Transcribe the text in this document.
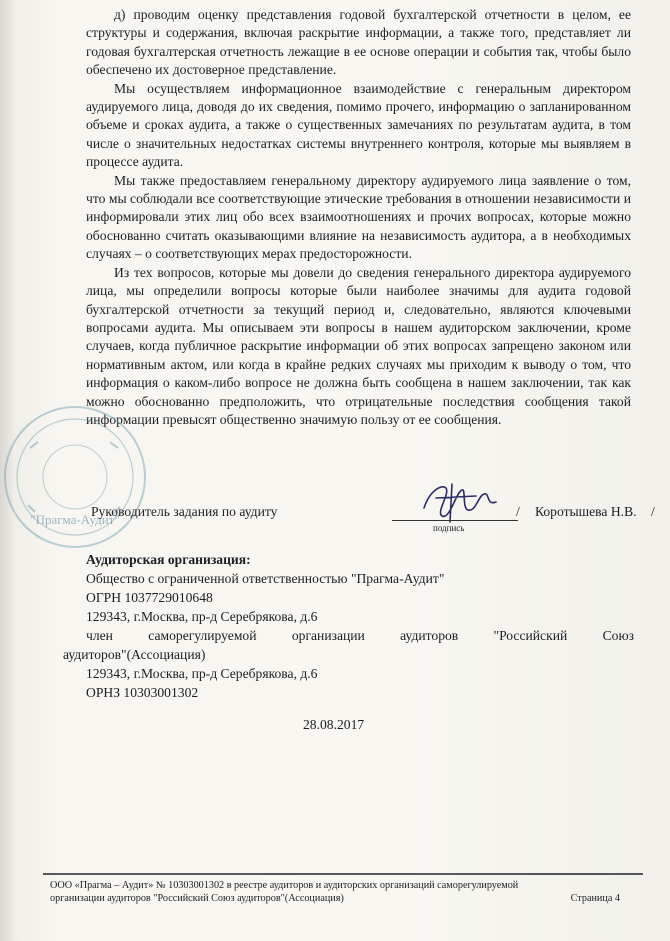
д) проводим оценку представления годовой бухгалтерской отчетности в целом, ее структуры и содержания, включая раскрытие информации, а также того, представляет ли годовая бухгалтерская отчетность лежащие в ее основе операции и события так, чтобы было обеспечено их достоверное представление.

Мы осуществляем информационное взаимодействие с генеральным директором аудируемого лица, доводя до их сведения, помимо прочего, информацию о запланированном объеме и сроках аудита, а также о существенных замечаниях по результатам аудита, в том числе о значительных недостатках системы внутреннего контроля, которые мы выявляем в процессе аудита.

Мы также предоставляем генеральному директору аудируемого лица заявление о том, что мы соблюдали все соответствующие этические требования в отношении независимости и информировали этих лиц обо всех взаимоотношениях и прочих вопросах, которые можно обоснованно считать оказывающими влияние на независимость аудитора, а в необходимых случаях – о соответствующих мерах предосторожности.

Из тех вопросов, которые мы довели до сведения генерального директора аудируемого лица, мы определили вопросы которые были наиболее значимы для аудита годовой бухгалтерской отчетности за текущий период и, следовательно, являются ключевыми вопросами аудита. Мы описываем эти вопросы в нашем аудиторском заключении, кроме случаев, когда публичное раскрытие информации об этих вопросах запрещено законом или нормативным актом, или когда в крайне редких случаях мы приходим к выводу о том, что информация о каком-либо вопросе не должна быть сообщена в нашем заключении, так как можно обоснованно предположить, что отрицательные последствия сообщения такой информации превысят общественно значимую пользу от ее сообщения.

"Прагма-Аудит"
Руководитель задания по аудиту
подпись
/ Коротышева Н.В. /
Аудиторская организация:
Общество с ограниченной ответственностью "Прагма-Аудит"
ОГРН 1037729010648
129343, г.Москва, пр-д Серебрякова, д.6
член	саморегулируемой	организации	аудиторов	"Российский	Союз
аудиторов"(Ассоциация)
129343, г.Москва, пр-д Серебрякова, д.6
ОРНЗ 10303001302
28.08.2017
ООО «Прагма – Аудит» № 10303001302 в реестре аудиторов и аудиторских организаций саморегулируемой
организации аудиторов "Российский Союз аудиторов"(Ассоциация)	Страница 4
